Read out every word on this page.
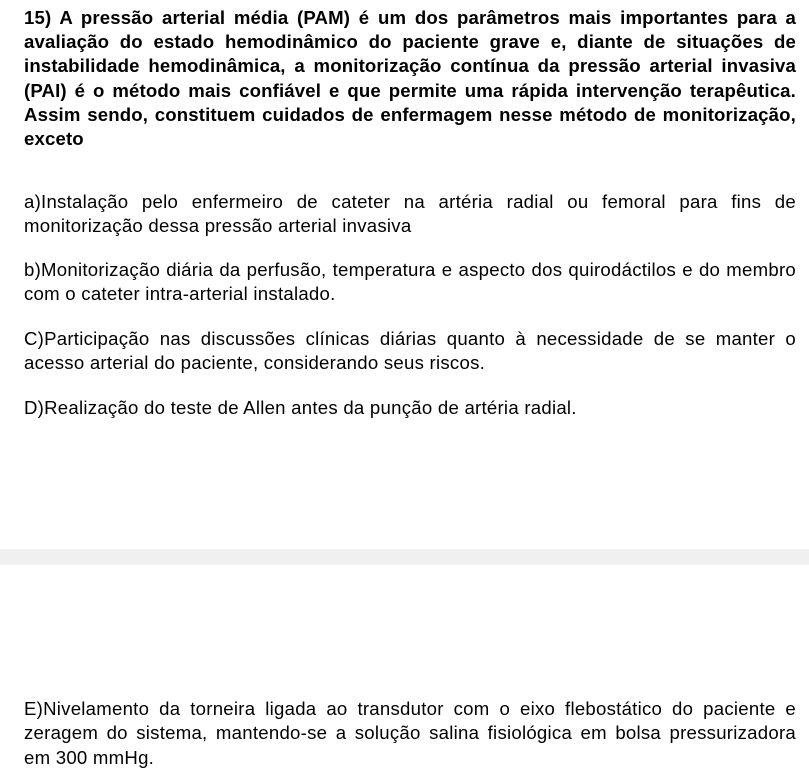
15) A pressão arterial média (PAM) é um dos parâmetros mais importantes para a avaliação do estado hemodinâmico do paciente grave e, diante de situações de instabilidade hemodinâmica, a monitorização contínua da pressão arterial invasiva (PAI) é o método mais confiável e que permite uma rápida intervenção terapêutica. Assim sendo, constituem cuidados de enfermagem nesse método de monitorização, exceto

a)Instalação pelo enfermeiro de cateter na artéria radial ou femoral para fins de monitorização dessa pressão arterial invasiva

b)Monitorização diária da perfusão, temperatura e aspecto dos quirodáctilos e do membro com o cateter intra-arterial instalado.

C)Participação nas discussões clínicas diárias quanto à necessidade de se manter o acesso arterial do paciente, considerando seus riscos.

D)Realização do teste de Allen antes da punção de artéria radial.

E)Nivelamento da torneira ligada ao transdutor com o eixo flebostático do paciente e zeragem do sistema, mantendo-se a solução salina fisiológica em bolsa pressurizadora em 300 mmHg.
